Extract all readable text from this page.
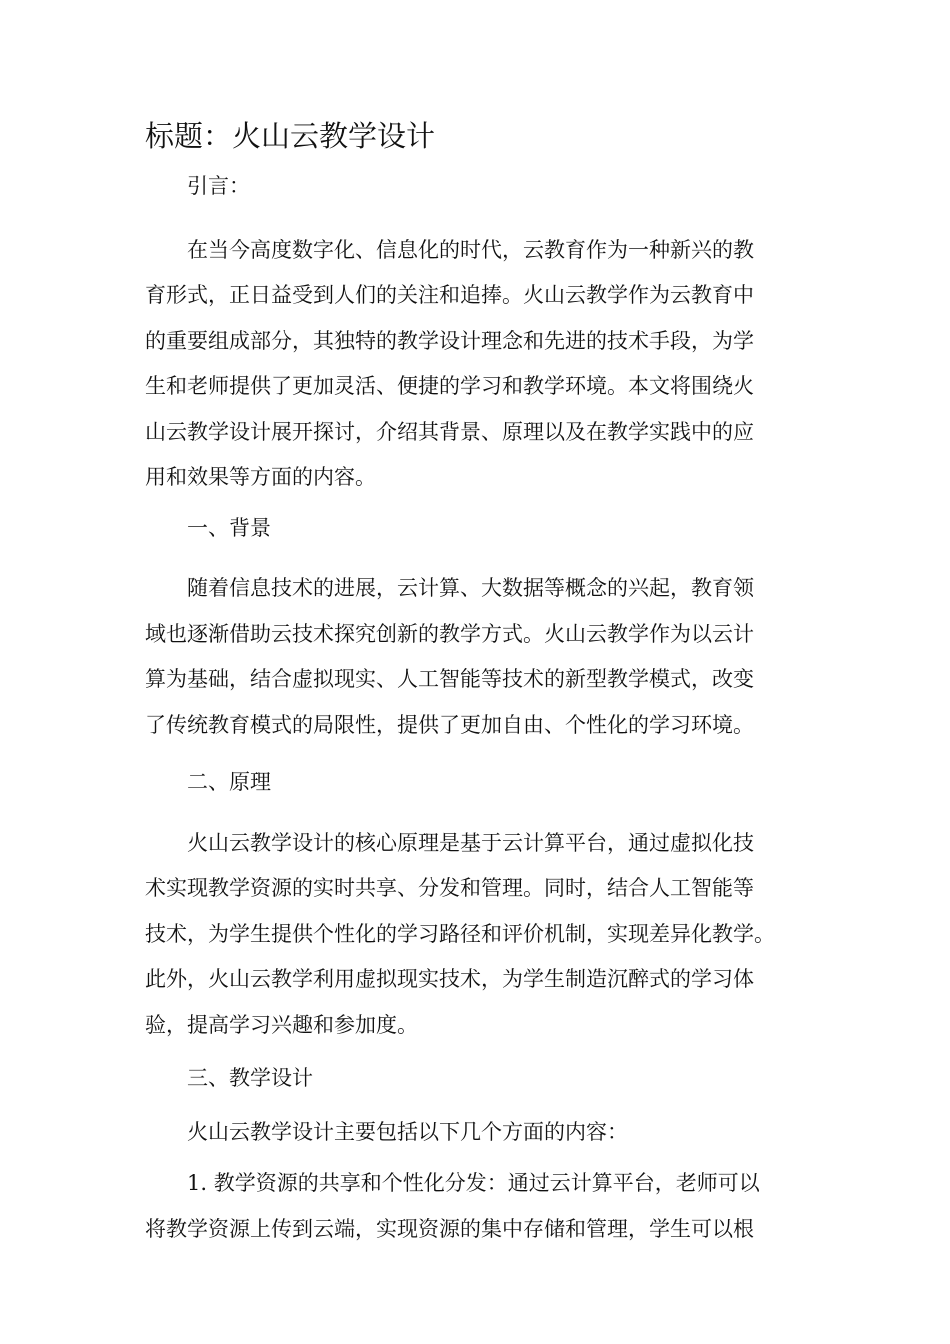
标题：火山云教学设计

引言：

在当今高度数字化、信息化的时代，云教育作为一种新兴的教
育形式，正日益受到人们的关注和追捧。火山云教学作为云教育中
的重要组成部分，其独特的教学设计理念和先进的技术手段，为学
生和老师提供了更加灵活、便捷的学习和教学环境。本文将围绕火
山云教学设计展开探讨，介绍其背景、原理以及在教学实践中的应
用和效果等方面的内容。

一、背景

随着信息技术的进展，云计算、大数据等概念的兴起，教育领
域也逐渐借助云技术探究创新的教学方式。火山云教学作为以云计
算为基础，结合虚拟现实、人工智能等技术的新型教学模式，改变
了传统教育模式的局限性，提供了更加自由、个性化的学习环境。

二、原理

火山云教学设计的核心原理是基于云计算平台，通过虚拟化技
术实现教学资源的实时共享、分发和管理。同时，结合人工智能等
技术，为学生提供个性化的学习路径和评价机制，实现差异化教学。
此外，火山云教学利用虚拟现实技术，为学生制造沉醉式的学习体
验，提高学习兴趣和参加度。

三、教学设计

火山云教学设计主要包括以下几个方面的内容：

1. 教学资源的共享和个性化分发：通过云计算平台，老师可以
将教学资源上传到云端，实现资源的集中存储和管理，学生可以根
